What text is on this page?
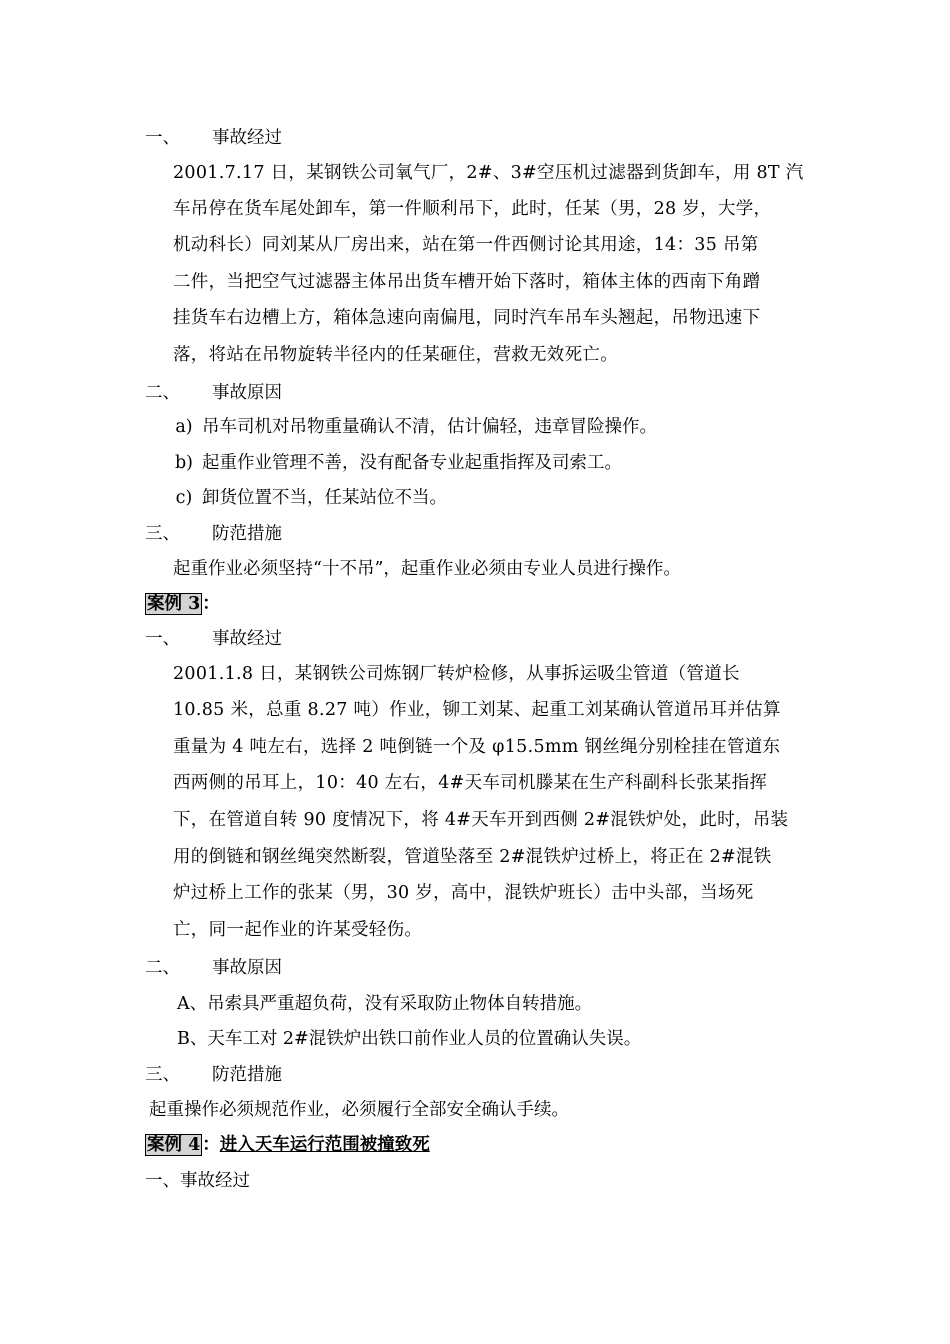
一、 事故经过
2001.7.17 日，某钢铁公司氧气厂，2#、3#空压机过滤器到货卸车，用 8T 汽
车吊停在货车尾处卸车，第一件顺利吊下，此时，任某（男，28 岁，大学，
机动科长）同刘某从厂房出来，站在第一件西侧讨论其用途，14：35 吊第
二件，当把空气过滤器主体吊出货车槽开始下落时，箱体主体的西南下角蹭
挂货车右边槽上方，箱体急速向南偏甩，同时汽车吊车头翘起，吊物迅速下
落，将站在吊物旋转半径内的任某砸住，营救无效死亡。
二、 事故原因
a) 吊车司机对吊物重量确认不清，估计偏轻，违章冒险操作。
b) 起重作业管理不善，没有配备专业起重指挥及司索工。
c) 卸货位置不当，任某站位不当。
三、 防范措施
起重作业必须坚持“十不吊”，起重作业必须由专业人员进行操作。
案例 3 ：
一、 事故经过
2001.1.8 日，某钢铁公司炼钢厂转炉检修，从事拆运吸尘管道（管道长
10.85 米，总重 8.27 吨）作业，铆工刘某、起重工刘某确认管道吊耳并估算
重量为 4 吨左右，选择 2 吨倒链一个及 φ15.5mm 钢丝绳分别栓挂在管道东
西两侧的吊耳上，10：40 左右，4#天车司机滕某在生产科副科长张某指挥
下，在管道自转 90 度情况下，将 4#天车开到西侧 2#混铁炉处，此时，吊装
用的倒链和钢丝绳突然断裂，管道坠落至 2#混铁炉过桥上，将正在 2#混铁
炉过桥上工作的张某（男，30 岁，高中，混铁炉班长）击中头部，当场死
亡，同一起作业的许某受轻伤。
二、 事故原因
A、吊索具严重超负荷，没有采取防止物体自转措施。
B、天车工对 2#混铁炉出铁口前作业人员的位置确认失误。
三、 防范措施
起重操作必须规范作业，必须履行全部安全确认手续。
案例 4 ：进入天车运行范围被撞致死
一、事故经过
